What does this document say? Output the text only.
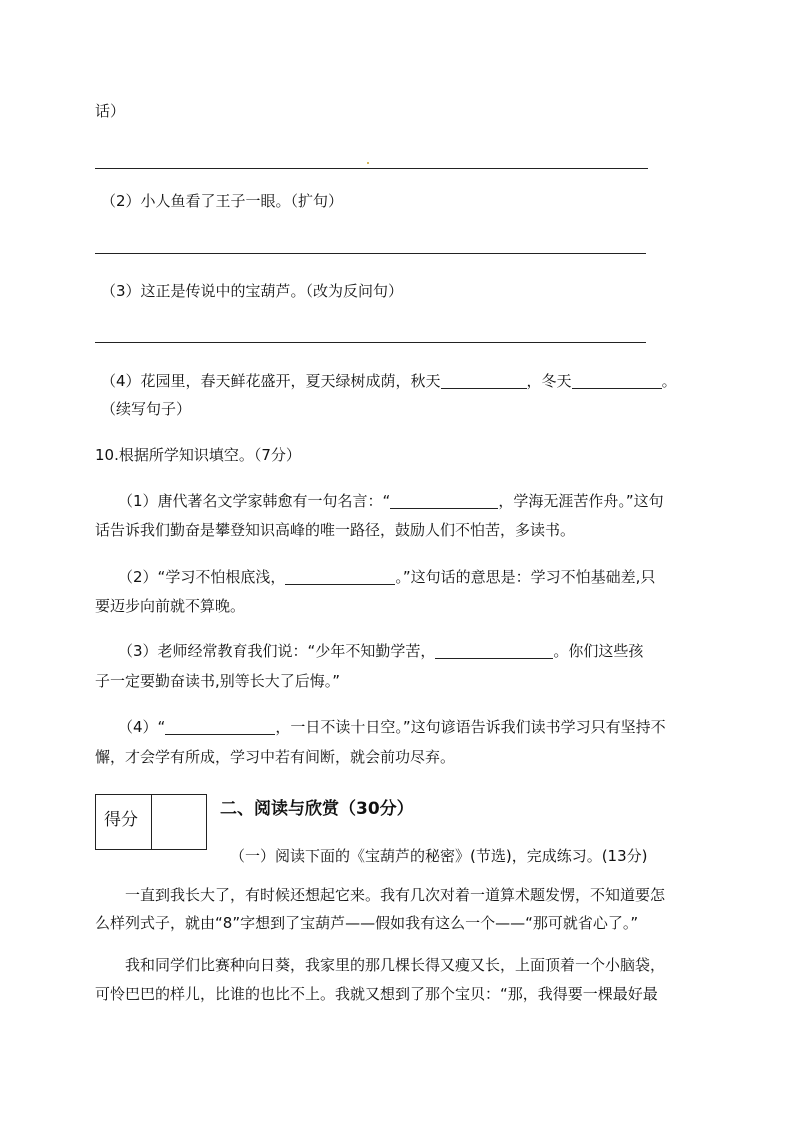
话）
（2）小人鱼看了王子一眼。（扩句）
（3）这正是传说中的宝葫芦。（改为反问句）
（4）花园里，春天鲜花盛开，夏天绿树成荫，秋天	，冬天	。
（续写句子）
10.根据所学知识填空。（7分）
（1）唐代著名文学家韩愈有一句名言：“	，学海无涯苦作舟。”这句
话告诉我们勤奋是攀登知识高峰的唯一路径，鼓励人们不怕苦，多读书。
（2）“学习不怕根底浅，	。”这句话的意思是：学习不怕基础差,只
要迈步向前就不算晚。
（3）老师经常教育我们说：“少年不知勤学苦，	。你们这些孩
子一定要勤奋读书,别等长大了后悔。”
（4）“	，一日不读十日空。”这句谚语告诉我们读书学习只有坚持不
懈，才会学有所成，学习中若有间断，就会前功尽弃。
得分
二、阅读与欣赏（30分）
（一）阅读下面的《宝葫芦的秘密》(节选)，完成练习。(13分)
一直到我长大了，有时候还想起它来。我有几次对着一道算术题发愣，不知道要怎
么样列式子，就由“8”字想到了宝葫芦——假如我有这么一个——“那可就省心了。”
我和同学们比赛种向日葵，我家里的那几棵长得又瘦又长，上面顶着一个小脑袋，
可怜巴巴的样儿，比谁的也比不上。我就又想到了那个宝贝：“那，我得要一棵最好最
